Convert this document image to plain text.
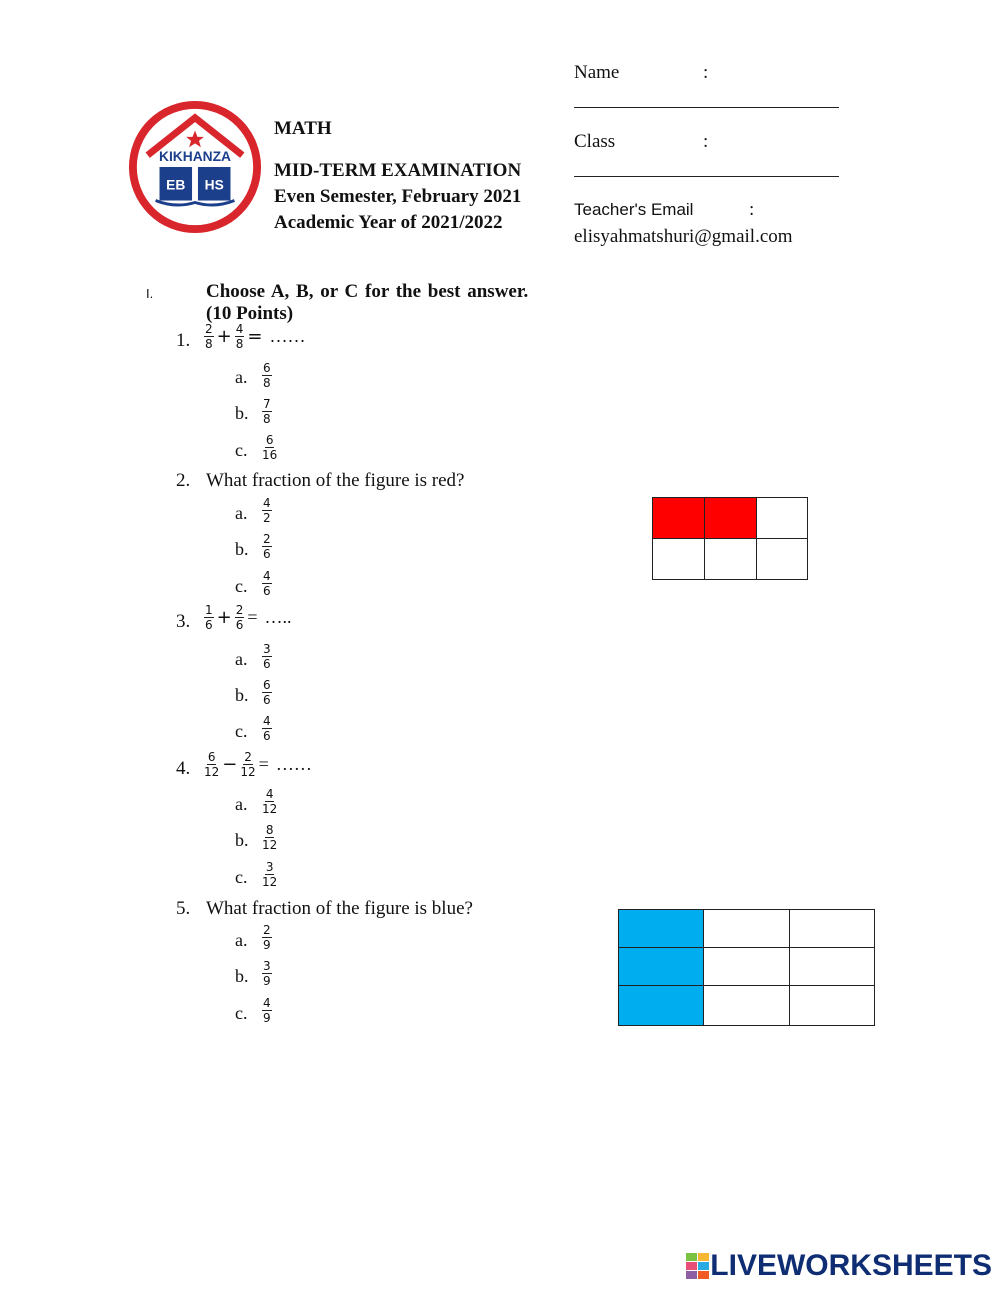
KIKHANZA
EB HS
MATH
MID-TERM EXAMINATION
Even Semester, February 2021
Academic Year of 2021/2022
Name	:
Class	:
Teacher's Email	:
elisyahmatshuri@gmail.com
I.	Choose A, B, or C for the best answer.
(10 Points)
1. $\frac{2}{8} + \frac{4}{8}$ = ……
a. $\frac{6}{8}$
b. $\frac{7}{8}$
c. $\frac{6}{16}$
2. What fraction of the figure is red?
a. $\frac{4}{2}$
b. $\frac{2}{6}$
c. $\frac{4}{6}$
3. $\frac{1}{6} + \frac{2}{6}$ = …..
a. $\frac{3}{6}$
b. $\frac{6}{6}$
c. $\frac{4}{6}$
4. $\frac{6}{12} - \frac{2}{12}$ = ……
a. $\frac{4}{12}$
b. $\frac{8}{12}$
c. $\frac{3}{12}$
5. What fraction of the figure is blue?
a. $\frac{2}{9}$
b. $\frac{3}{9}$
c. $\frac{4}{9}$
LIVEWORKSHEETS
